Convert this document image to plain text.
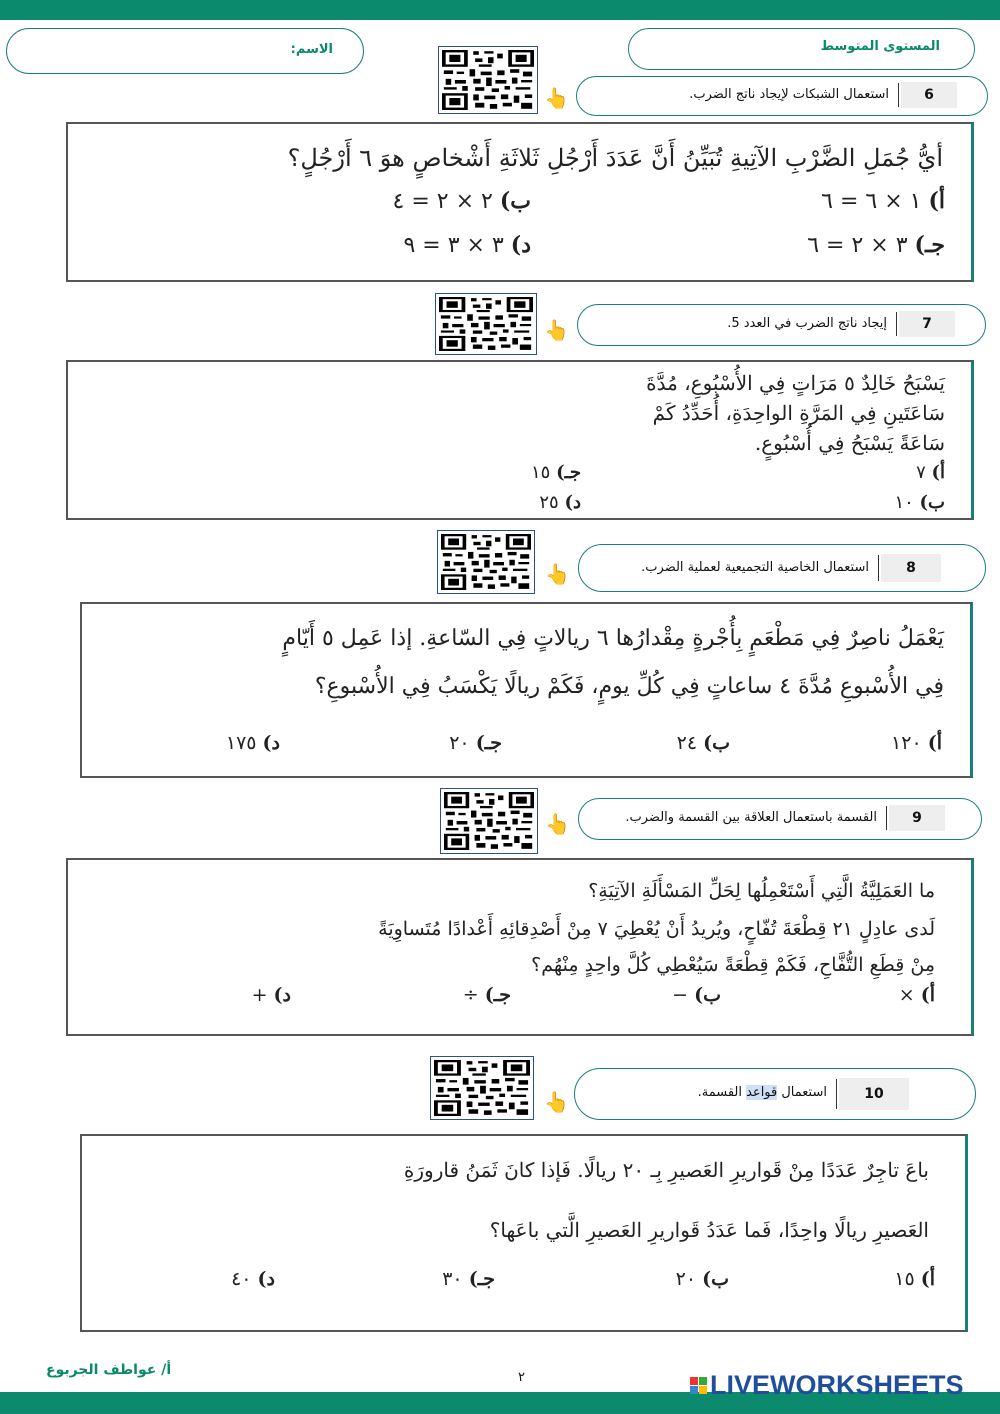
المستوى المتوسط
الاسم:
👆	6
استعمال الشبكات لإيجاد ناتج الضرب.
أيُّ جُمَلِ الضَّرْبِ الآتِيةِ تُبَيِّنُ أَنَّ عَدَدَ أَرْجُلِ ثَلاثَةِ أَشْخاصٍ هوَ ٦ أَرْجُلٍ؟
أ) ١ × ٦ = ٦
ب) ٢ × ٢ = ٤
جـ) ٣ × ٢ = ٦
د) ٣ × ٣ = ٩
👆	7
إيجاد ناتج الضرب في العدد 5.
يَسْبَحُ خَالِدٌ ٥ مَرَاتٍ فِي الأُسْبُوعِ، مُدَّةَ
سَاعَتَينِ فِي المَرَّةِ الواحِدَةِ، أُحَدِّدُ كَمْ
سَاعَةً يَسْبَحُ فِي أُسْبُوعٍ.
أ) ٧
جـ) ١٥
ب) ١٠
د) ٢٥
👆	8
استعمال الخاصية التجميعية لعملية الضرب.
يَعْمَلُ ناصِرٌ فِي مَطْعَمٍ بِأُجْرةٍ مِقْدارُها ٦ ريالاتٍ فِي السّاعةِ. إذا عَمِل ٥ أَيّامٍ
فِي الأُسْبوعِ مُدَّةَ ٤ ساعاتٍ فِي كُلِّ يومٍ، فَكَمْ ريالًا يَكْسَبُ فِي الأُسْبوعِ؟
أ) ١٢٠
ب) ٢٤
جـ) ٢٠
د) ١٧٥
👆	9
القسمة باستعمال العلاقة بين القسمة والضرب.
ما العَمَلِيَّةُ الَّتِي أَسْتَعْمِلُها لِحَلِّ المَسْأَلَةِ الآتِيَةِ؟
لَدى عادِلٍ ٢١ قِطْعَةَ تُفّاحٍ، ويُريدُ أَنْ يُعْطِيَ ٧ مِنْ أَصْدِقائِهِ أَعْدادًا مُتَساوِيَةً
مِنْ قِطَعِ التُّفَّاحِ، فَكَمْ قِطْعَةً سَيُعْطِي كُلَّ واحِدٍ مِنْهُم؟
أ) ×
ب) −
جـ) ÷
د) +
👆	10
استعمال قواعد القسمة.
باعَ تاجِرٌ عَدَدًا مِنْ قَواريرِ العَصيرِ بِـ ٢٠ ريالًا. فَإذا كانَ ثَمَنُ قارورَةِ
العَصيرِ ريالًا واحِدًا، فَما عَدَدُ قَواريرِ العَصيرِ الَّتي باعَها؟
أ) ١٥
ب) ٢٠
جـ) ٣٠
د) ٤٠
أ/ عواطف الجربوع	٢	LIVEWORKSHEETS
